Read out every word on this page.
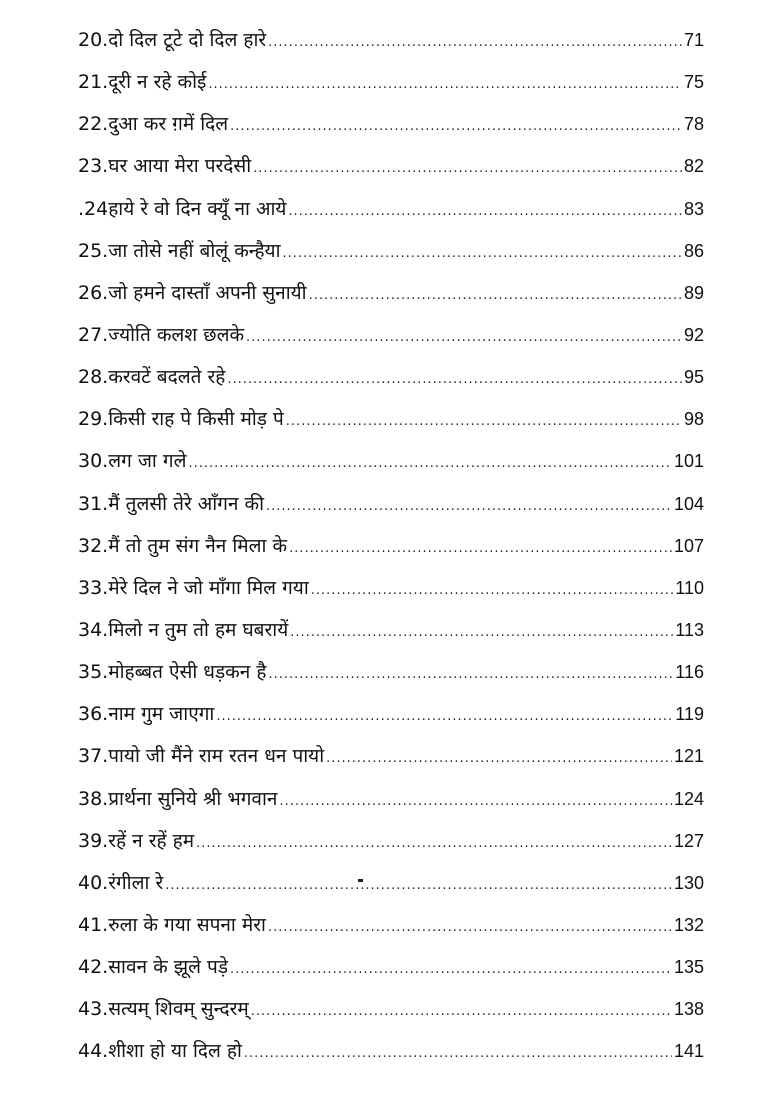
20.दो दिल टूटे दो दिल हारे .....	71
21.दूरी न रहे कोई .....	75
22.दुआ कर ग़में दिल .....	78
23.घर आया मेरा परदेसी .....	82
.24हाये रे वो दिन क्यूँ ना आये .....	83
25.जा तोसे नहीं बोलूं कन्हैया .....	86
26.जो हमने दास्ताँ अपनी सुनायी .....	89
27.ज्योति कलश छलके .....	92
28.करवटें बदलते रहे .....	95
29.किसी राह पे किसी मोड़ पे .....	98
30.लग जा गले .....	101
31.मैं तुलसी तेरे आँगन की .....	104
32.मैं तो तुम संग नैन मिला के .....	107
33.मेरे दिल ने जो माँगा मिल गया .....	110
34.मिलो न तुम तो हम घबरायें .....	113
35.मोहब्बत ऐसी धड़कन है .....	116
36.नाम गुम जाएगा .....	119
37.पायो जी मैंने राम रतन धन पायो .....	121
38.प्रार्थना सुनिये श्री भगवान .....	124
39.रहें न रहें हम .....	127
40.रंगीला रे .....	130
41.रुला के गया सपना मेरा .....	132
42.सावन के झूले पड़े .....	135
43.सत्यम् शिवम् सुन्दरम् .....	138
44.शीशा हो या दिल हो .....	141
